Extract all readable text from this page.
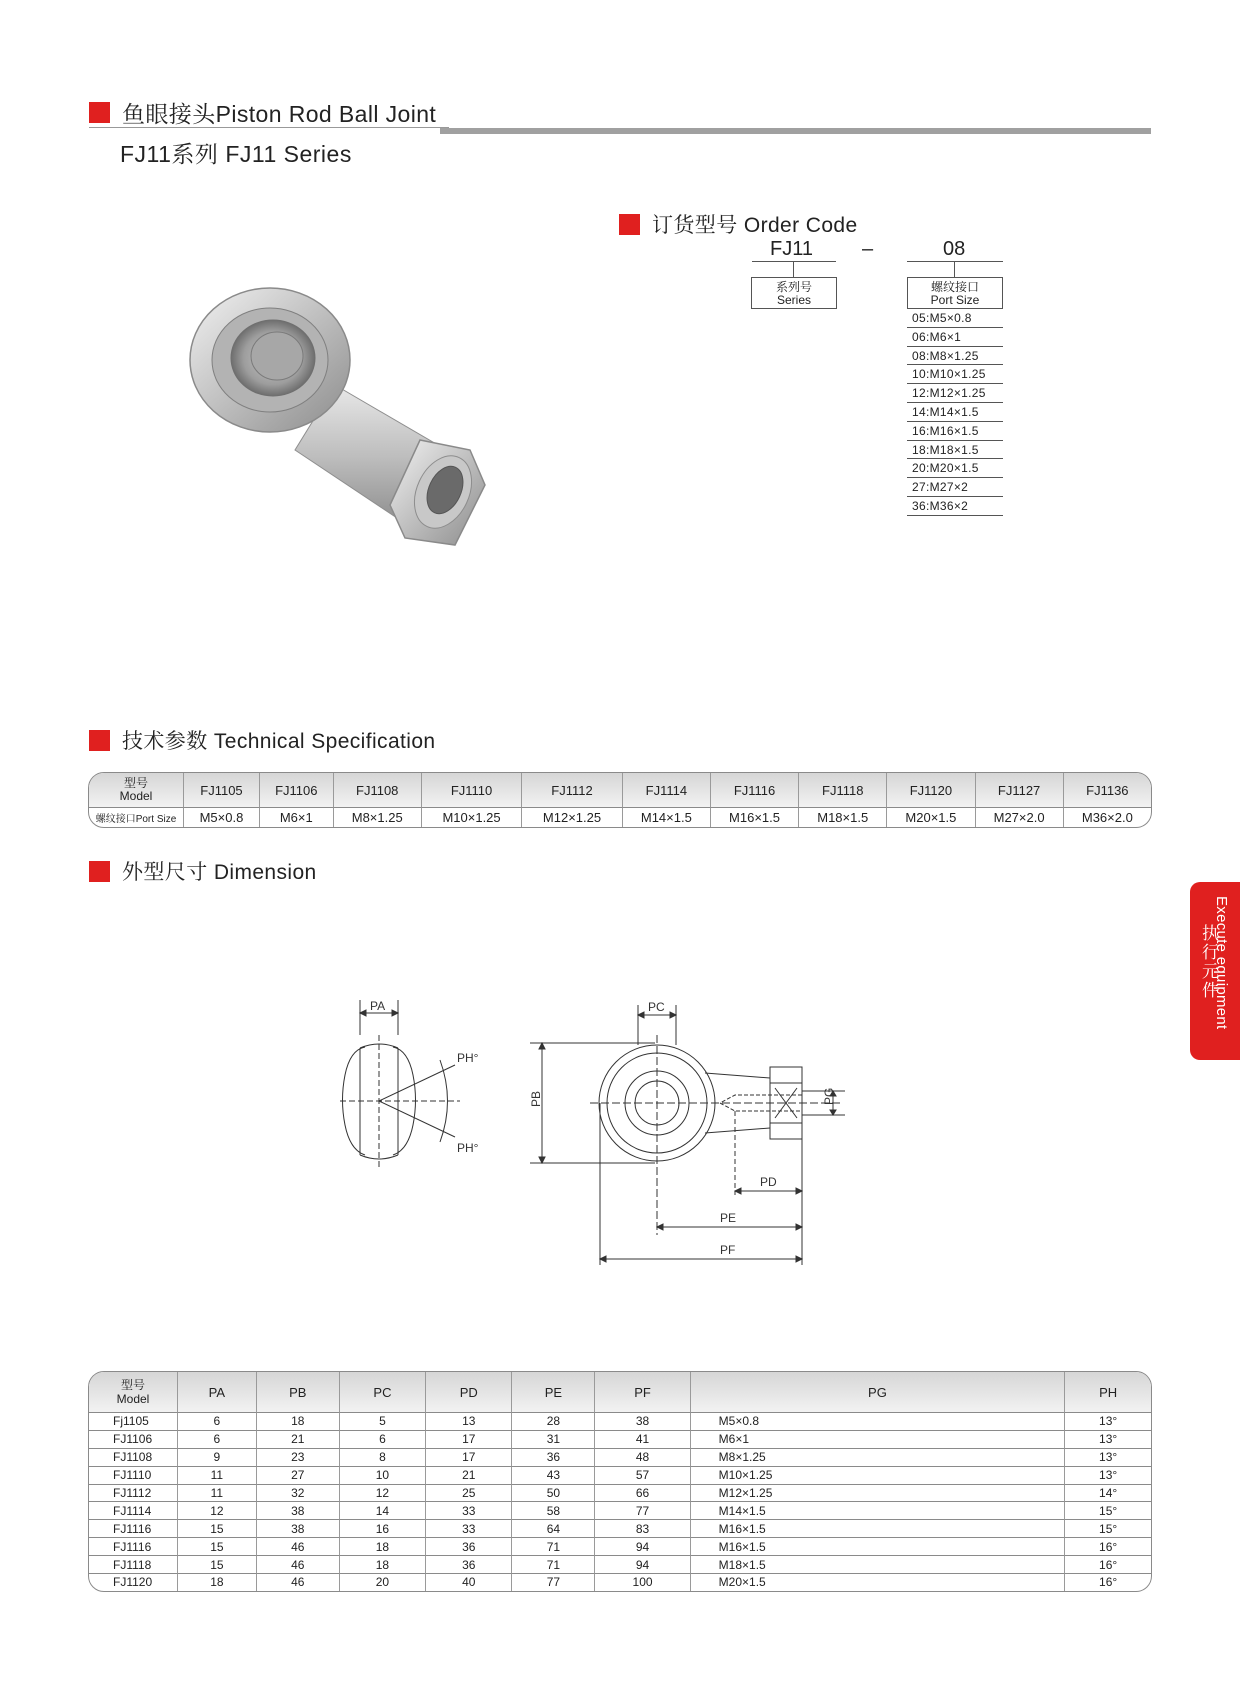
鱼眼接头Piston Rod Ball Joint
FJ11系列 FJ11 Series
订货型号 Order Code
FJ11 –	08
系列号
Series
螺纹接口
Port Size
05:M5×0.8
06:M6×1
08:M8×1.25
10:M10×1.25
12:M12×1.25
14:M14×1.5
16:M16×1.5
18:M18×1.5
20:M20×1.5
27:M27×2
36:M36×2
技术参数 Technical Specification
型号
Model	FJ1105	FJ1106	FJ1108	FJ1110	FJ1112	FJ1114	FJ1116	FJ1118	FJ1120	FJ1127	FJ1136
螺纹接口Port Size	M5×0.8	M6×1	M8×1.25	M10×1.25	M12×1.25	M14×1.5	M16×1.5	M18×1.5	M20×1.5	M27×2.0	M36×2.0
外型尺寸 Dimension
PA
PH°
PH°
PC
PB	PG
PD
PE
PF
型号
Model	PA	PB	PC	PD	PE	PF	PG	PH
Fj1105	6	18	5	13	28	38	M5×0.8	13°
FJ1106	6	21	6	17	31	41	M6×1	13°
FJ1108	9	23	8	17	36	48	M8×1.25	13°
FJ1110	11	27	10	21	43	57	M10×1.25	13°
FJ1112	11	32	12	25	50	66	M12×1.25	14°
FJ1114	12	38	14	33	58	77	M14×1.5	15°
FJ1116	15	38	16	33	64	83	M16×1.5	15°
FJ1116	15	46	18	36	71	94	M16×1.5	16°
FJ1118	15	46	18	36	71	94	M18×1.5	16°
FJ1120	18	46	20	40	77	100	M20×1.5	16°
Execute equipment
执行元件
